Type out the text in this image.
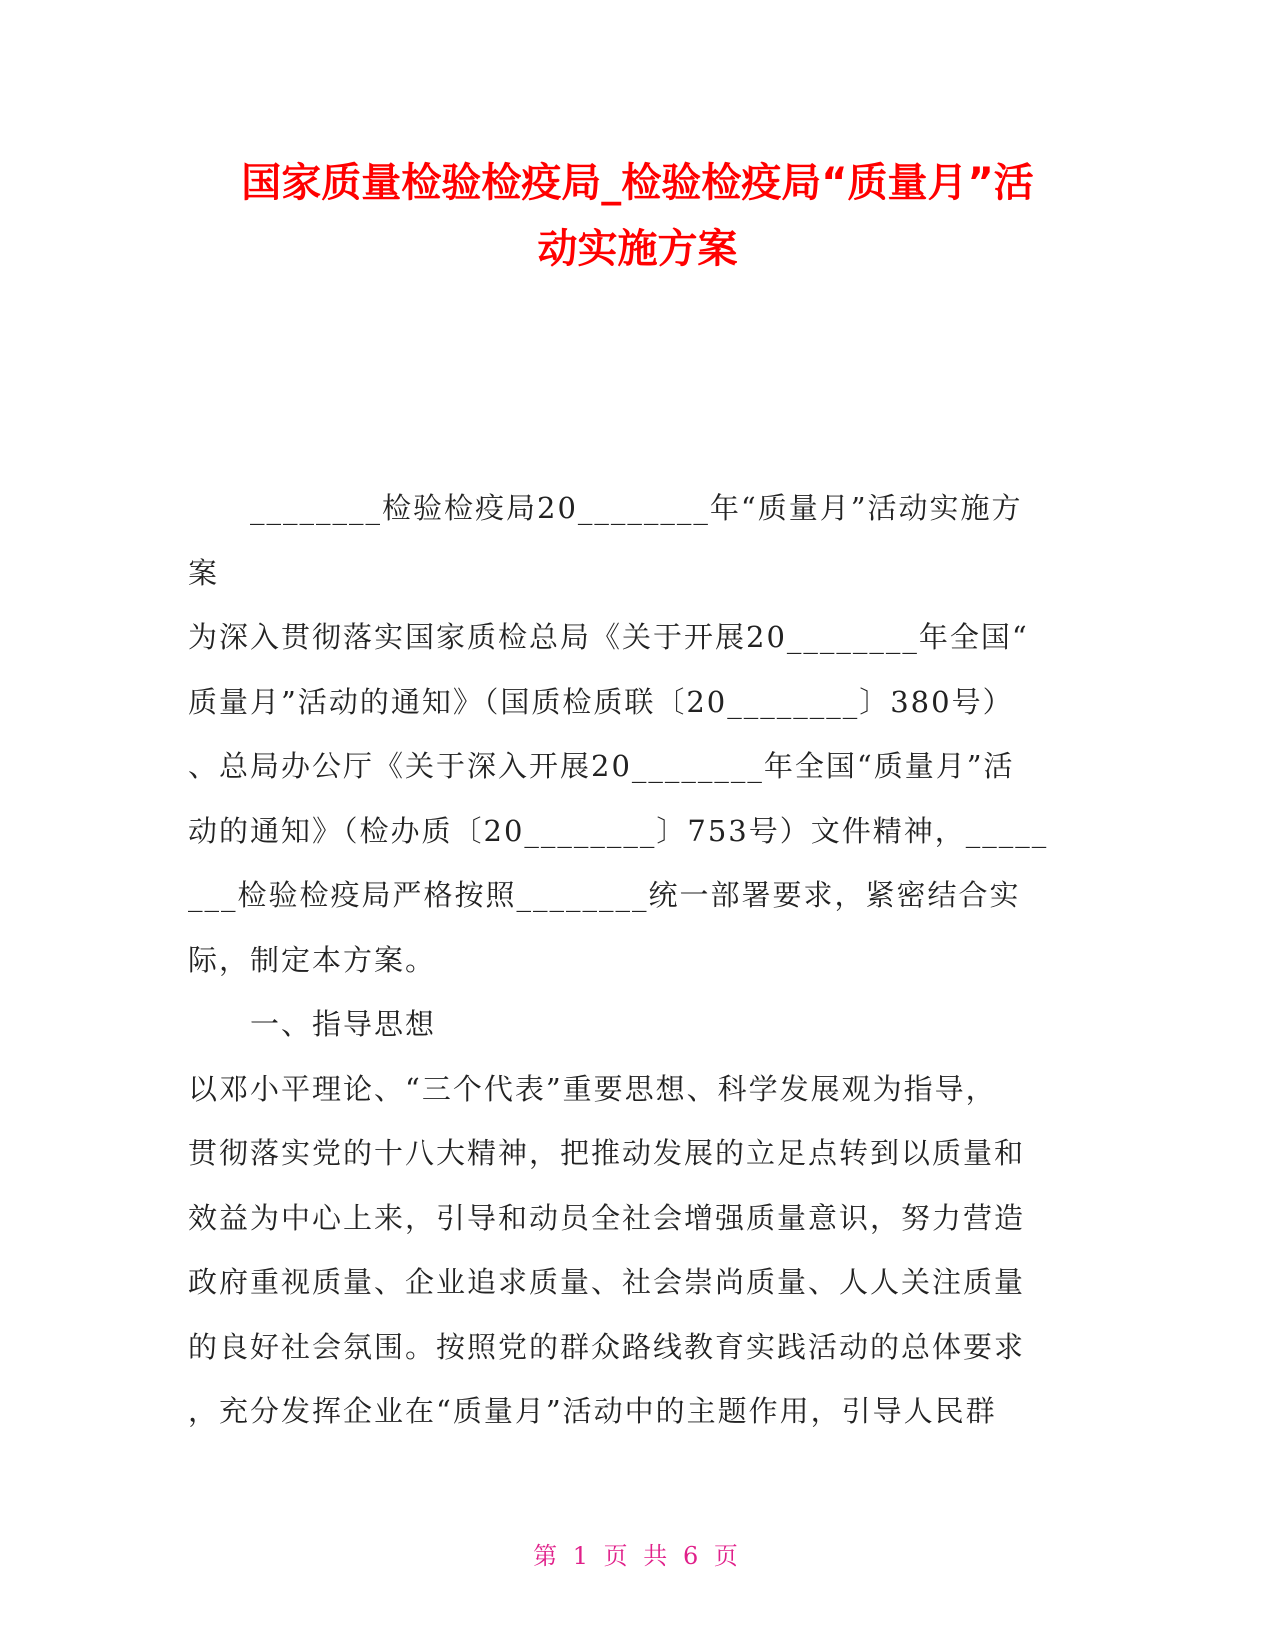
国家质量检验检疫局_检验检疫局“质量月”活
动实施方案
　　________检验检疫局20________年“质量月”活动实施方
案
为深入贯彻落实国家质检总局《关于开展20________年全国“
质量月”活动的通知》（国质检质联〔20________〕380号）
、总局办公厅《关于深入开展20________年全国“质量月”活
动的通知》（检办质〔20________〕753号）文件精神，_____
___检验检疫局严格按照________统一部署要求，紧密结合实
际，制定本方案。
　　一、指导思想
以邓小平理论、“三个代表”重要思想、科学发展观为指导，
贯彻落实党的十八大精神，把推动发展的立足点转到以质量和
效益为中心上来，引导和动员全社会增强质量意识，努力营造
政府重视质量、企业追求质量、社会崇尚质量、人人关注质量
的良好社会氛围。按照党的群众路线教育实践活动的总体要求
，充分发挥企业在“质量月”活动中的主题作用，引导人民群
第 1 页 共 6 页
